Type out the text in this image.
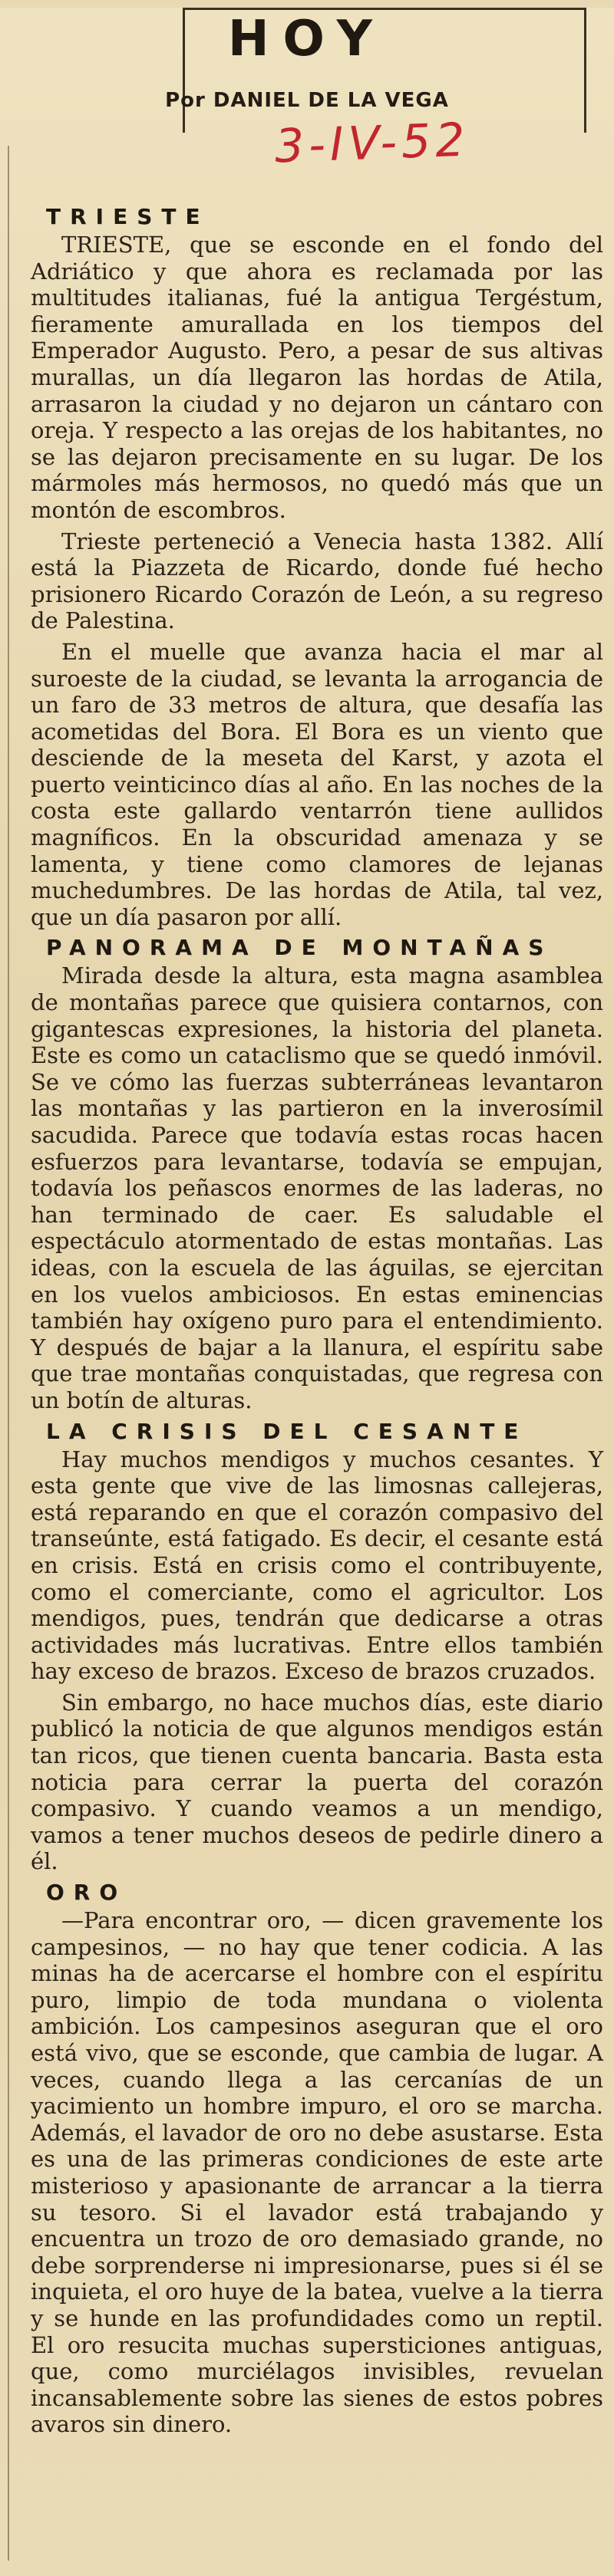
HOY
Por DANIEL DE LA VEGA
3-IV-52
TRIESTE

TRIESTE, que se esconde en el fondo del Adriático y que ahora es reclamada por las multitudes italianas, fué la antigua Tergéstum, fieramente amurallada en los tiempos del Emperador Augusto. Pero, a pesar de sus altivas murallas, un día llegaron las hordas de Atila, arrasaron la ciudad y no dejaron un cántaro con oreja. Y respecto a las orejas de los habitantes, no se las dejaron precisamente en su lugar. De los mármoles más hermosos, no quedó más que un montón de escombros.

Trieste perteneció a Venecia hasta 1382. Allí está la Piazzeta de Ricardo, donde fué hecho prisionero Ricardo Corazón de León, a su regreso de Palestina.

En el muelle que avanza hacia el mar al suroeste de la ciudad, se levanta la arrogancia de un faro de 33 metros de altura, que desafía las acometidas del Bora. El Bora es un viento que desciende de la meseta del Karst, y azota el puerto veinticinco días al año. En las noches de la costa este gallardo ventarrón tiene aullidos magníficos. En la obscuridad amenaza y se lamenta, y tiene como clamores de lejanas muchedumbres. De las hordas de Atila, tal vez, que un día pasaron por allí.

PANORAMA DE MONTAÑAS

Mirada desde la altura, esta magna asamblea de montañas parece que quisiera contarnos, con gigantescas expresiones, la historia del planeta. Este es como un cataclismo que se quedó inmóvil. Se ve cómo las fuerzas subterráneas levantaron las montañas y las partieron en la inverosímil sacudida. Parece que todavía estas rocas hacen esfuerzos para levantarse, todavía se empujan, todavía los peñascos enormes de las laderas, no han terminado de caer. Es saludable el espectáculo atormentado de estas montañas. Las ideas, con la escuela de las águilas, se ejercitan en los vuelos ambiciosos. En estas eminencias también hay oxígeno puro para el entendimiento. Y después de bajar a la llanura, el espíritu sabe que trae montañas conquistadas, que regresa con un botín de alturas.

LA CRISIS DEL CESANTE

Hay muchos mendigos y muchos cesantes. Y esta gente que vive de las limosnas callejeras, está reparando en que el corazón compasivo del transeúnte, está fatigado. Es decir, el cesante está en crisis. Está en crisis como el contribuyente, como el comerciante, como el agricultor. Los mendigos, pues, tendrán que dedicarse a otras actividades más lucrativas. Entre ellos también hay exceso de brazos. Exceso de brazos cruzados.

Sin embargo, no hace muchos días, este diario publicó la noticia de que algunos mendigos están tan ricos, que tienen cuenta bancaria. Basta esta noticia para cerrar la puerta del corazón compasivo. Y cuando veamos a un mendigo, vamos a tener muchos deseos de pedirle dinero a él.

ORO

—Para encontrar oro, — dicen gravemente los campesinos, — no hay que tener codicia. A las minas ha de acercarse el hombre con el espíritu puro, limpio de toda mundana o violenta ambición. Los campesinos aseguran que el oro está vivo, que se esconde, que cambia de lugar. A veces, cuando llega a las cercanías de un yacimiento un hombre impuro, el oro se marcha. Además, el lavador de oro no debe asustarse. Esta es una de las primeras condiciones de este arte misterioso y apasionante de arrancar a la tierra su tesoro. Si el lavador está trabajando y encuentra un trozo de oro demasiado grande, no debe sorprenderse ni impresionarse, pues si él se inquieta, el oro huye de la batea, vuelve a la tierra y se hunde en las profundidades como un reptil. El oro resucita muchas supersticiones antiguas, que, como murciélagos invisibles, revuelan incansablemente sobre las sienes de estos pobres avaros sin dinero.
